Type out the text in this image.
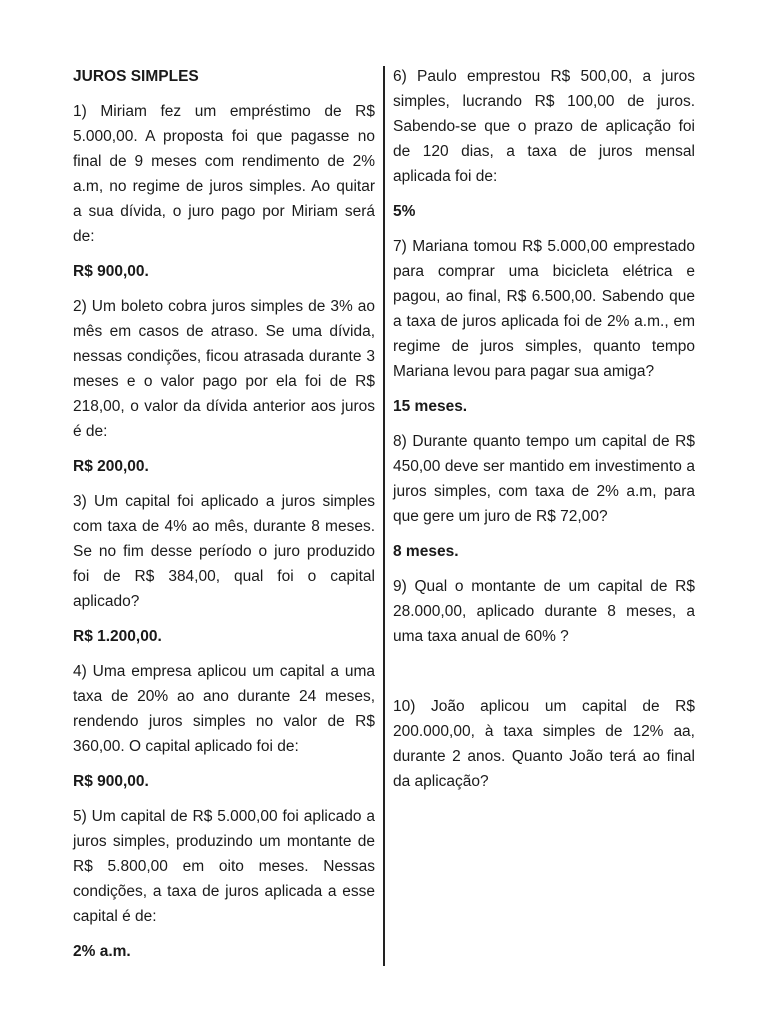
JUROS SIMPLES
1) Miriam fez um empréstimo de R$ 5.000,00. A proposta foi que pagasse no final de 9 meses com rendimento de 2% a.m, no regime de juros simples. Ao quitar a sua dívida, o juro pago por Miriam será de:
R$ 900,00.
2) Um boleto cobra juros simples de 3% ao mês em casos de atraso. Se uma dívida, nessas condições, ficou atrasada durante 3 meses e o valor pago por ela foi de R$ 218,00, o valor da dívida anterior aos juros é de:
R$ 200,00.
3) Um capital foi aplicado a juros simples com taxa de 4% ao mês, durante 8 meses. Se no fim desse período o juro produzido foi de R$ 384,00, qual foi o capital aplicado?
R$ 1.200,00.
4) Uma empresa aplicou um capital a uma taxa de 20% ao ano durante 24 meses, rendendo juros simples no valor de R$ 360,00. O capital aplicado foi de:
R$ 900,00.
5) Um capital de R$ 5.000,00 foi aplicado a juros simples, produzindo um montante de R$ 5.800,00 em oito meses. Nessas condições, a taxa de juros aplicada a esse capital é de:
2% a.m.
6) Paulo emprestou R$ 500,00, a juros simples, lucrando R$ 100,00 de juros. Sabendo-se que o prazo de aplicação foi de 120 dias, a taxa de juros mensal aplicada foi de:
5%
7) Mariana tomou R$ 5.000,00 emprestado para comprar uma bicicleta elétrica e pagou, ao final, R$ 6.500,00. Sabendo que a taxa de juros aplicada foi de 2% a.m., em regime de juros simples, quanto tempo Mariana levou para pagar sua amiga?
15 meses.
8) Durante quanto tempo um capital de R$ 450,00 deve ser mantido em investimento a juros simples, com taxa de 2% a.m, para que gere um juro de R$ 72,00?
8 meses.
9) Qual o montante de um capital de R$ 28.000,00, aplicado durante 8 meses, a uma taxa anual de 60% ?
10) João aplicou um capital de R$ 200.000,00, à taxa simples de 12% aa, durante 2 anos. Quanto João terá ao final da aplicação?
